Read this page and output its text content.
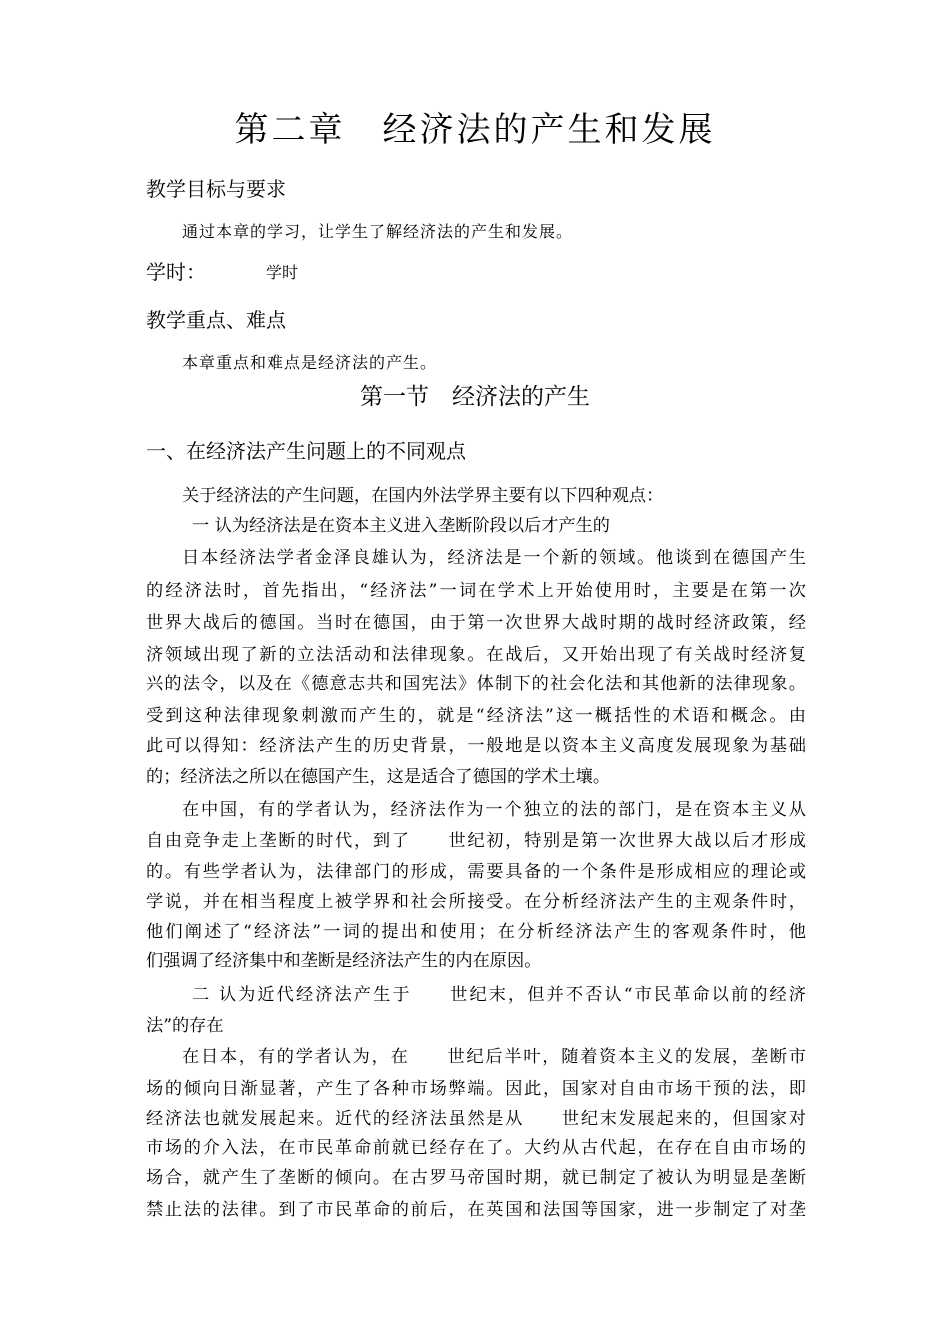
第二章　经济法的产生和发展
教学目标与要求
通过本章的学习，让学生了解经济法的产生和发展。
学时：	学时
教学重点、难点
本章重点和难点是经济法的产生。
第一节　经济法的产生
一、在经济法产生问题上的不同观点
关于经济法的产生问题，在国内外法学界主要有以下四种观点：
一 认为经济法是在资本主义进入垄断阶段以后才产生的
日本经济法学者金泽良雄认为，经济法是一个新的领域。他谈到在德国产生
的经济法时，首先指出，“经济法”一词在学术上开始使用时，主要是在第一次
世界大战后的德国。当时在德国，由于第一次世界大战时期的战时经济政策，经
济领域出现了新的立法活动和法律现象。在战后，又开始出现了有关战时经济复
兴的法令，以及在《德意志共和国宪法》体制下的社会化法和其他新的法律现象。
受到这种法律现象刺激而产生的，就是“经济法”这一概括性的术语和概念。由
此可以得知：经济法产生的历史背景，一般地是以资本主义高度发展现象为基础
的；经济法之所以在德国产生，这是适合了德国的学术土壤。
在中国，有的学者认为，经济法作为一个独立的法的部门，是在资本主义从
自由竞争走上垄断的时代，到了　　世纪初，特别是第一次世界大战以后才形成
的。有些学者认为，法律部门的形成，需要具备的一个条件是形成相应的理论或
学说，并在相当程度上被学界和社会所接受。在分析经济法产生的主观条件时，
他们阐述了“经济法”一词的提出和使用；在分析经济法产生的客观条件时，他
们强调了经济集中和垄断是经济法产生的内在原因。
二 认为近代经济法产生于　　世纪末，但并不否认“市民革命以前的经济
法”的存在
在日本，有的学者认为，在　　世纪后半叶，随着资本主义的发展，垄断市
场的倾向日渐显著，产生了各种市场弊端。因此，国家对自由市场干预的法，即
经济法也就发展起来。近代的经济法虽然是从　　世纪末发展起来的，但国家对
市场的介入法，在市民革命前就已经存在了。大约从古代起，在存在自由市场的
场合，就产生了垄断的倾向。在古罗马帝国时期，就已制定了被认为明显是垄断
禁止法的法律。到了市民革命的前后，在英国和法国等国家，进一步制定了对垄
